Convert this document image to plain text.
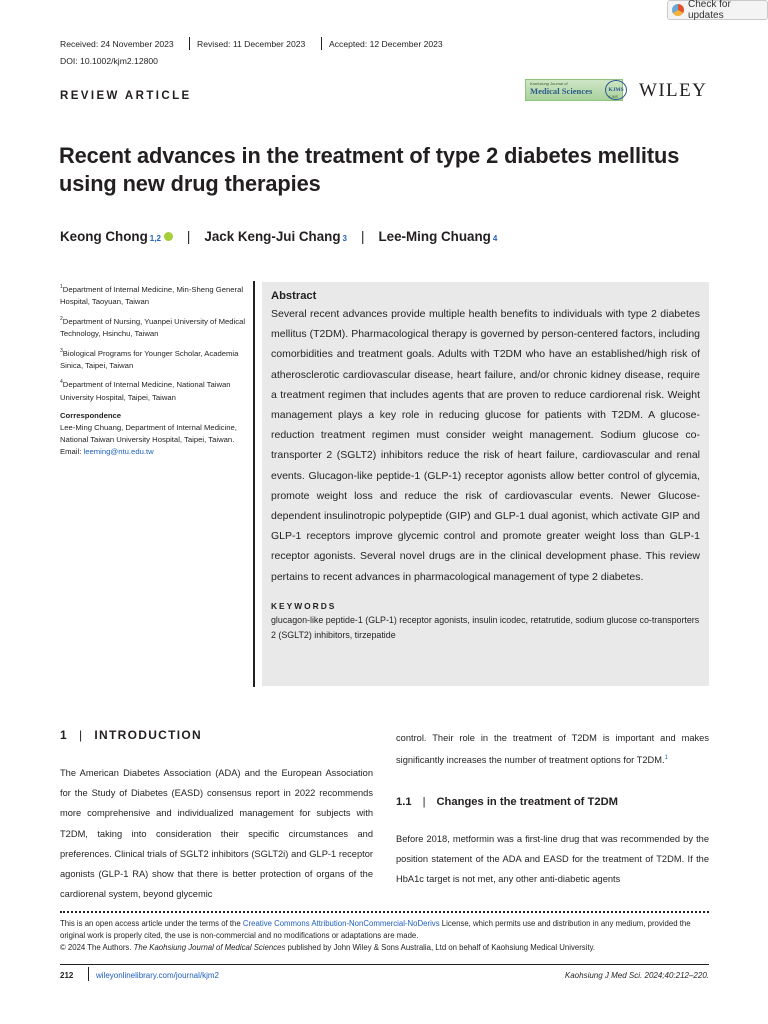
Check for updates
Received: 24 November 2023	Revised: 11 December 2023	Accepted: 12 December 2023
DOI: 10.1002/kjm2.12800
REVIEW ARTICLE
Kaohsiung Journal of
Medical Sciences
KJMS
KJMS WILEY
Recent advances in the treatment of type 2 diabetes mellitus using new drug therapies
Keong Chong 1,2 | Jack Keng-Jui Chang 3 | Lee-Ming Chuang 4

$^1$Department of Internal Medicine, Min-Sheng General Hospital, Taoyuan, Taiwan

$^2$Department of Nursing, Yuanpei University of Medical Technology, Hsinchu, Taiwan

$^3$Biological Programs for Younger Scholar, Academia Sinica, Taipei, Taiwan

$^4$Department of Internal Medicine, National Taiwan University Hospital, Taipei, Taiwan

Correspondence
Lee-Ming Chuang, Department of Internal Medicine, National Taiwan University Hospital, Taipei, Taiwan.
Email: leeming@ntu.edu.tw
Abstract
Several recent advances provide multiple health benefits to individuals with type 2 diabetes mellitus (T2DM). Pharmacological therapy is governed by person-centered factors, including comorbidities and treatment goals. Adults with T2DM who have an established/high risk of atherosclerotic cardiovascular disease, heart failure, and/or chronic kidney disease, require a treatment regimen that includes agents that are proven to reduce cardiorenal risk. Weight management plays a key role in reducing glucose for patients with T2DM. A glucose-reduction treatment regimen must consider weight management. Sodium glucose co-transporter 2 (SGLT2) inhibitors reduce the risk of heart failure, cardiovascular and renal events. Glucagon-like peptide-1 (GLP-1) receptor agonists allow better control of glycemia, promote weight loss and reduce the risk of cardiovascular events. Newer Glucose-dependent insulinotropic polypeptide (GIP) and GLP-1 dual agonist, which activate GIP and GLP-1 receptors improve glycemic control and promote greater weight loss than GLP-1 receptor agonists. Several novel drugs are in the clinical development phase. This review pertains to recent advances in pharmacological management of type 2 diabetes.
KEYWORDS
glucagon-like peptide-1 (GLP-1) receptor agonists, insulin icodec, retatrutide, sodium glucose co-transporters 2 (SGLT2) inhibitors, tirzepatide
1 | INTRODUCTION
The American Diabetes Association (ADA) and the European Association for the Study of Diabetes (EASD) consensus report in 2022 recommends more comprehensive and individualized management for subjects with T2DM, taking into consideration their specific circumstances and preferences. Clinical trials of SGLT2 inhibitors (SGLT2i) and GLP-1 receptor agonists (GLP-1 RA) show that there is better protection of organs of the cardiorenal system, beyond glycemic
control. Their role in the treatment of T2DM is important and makes significantly increases the number of treatment options for T2DM.$^1$
1.1 | Changes in the treatment of T2DM
Before 2018, metformin was a first-line drug that was recommended by the position statement of the ADA and EASD for the treatment of T2DM. If the HbA1c target is not met, any other anti-diabetic agents
This is an open access article under the terms of the Creative Commons Attribution-NonCommercial-NoDerivs License, which permits use and distribution in any medium, provided the original work is properly cited, the use is non-commercial and no modifications or adaptations are made.
© 2024 The Authors. The Kaohsiung Journal of Medical Sciences published by John Wiley & Sons Australia, Ltd on behalf of Kaohsiung Medical University.
212	wileyonlinelibrary.com/journal/kjm2	Kaohsiung J Med Sci. 2024;40:212–220.
